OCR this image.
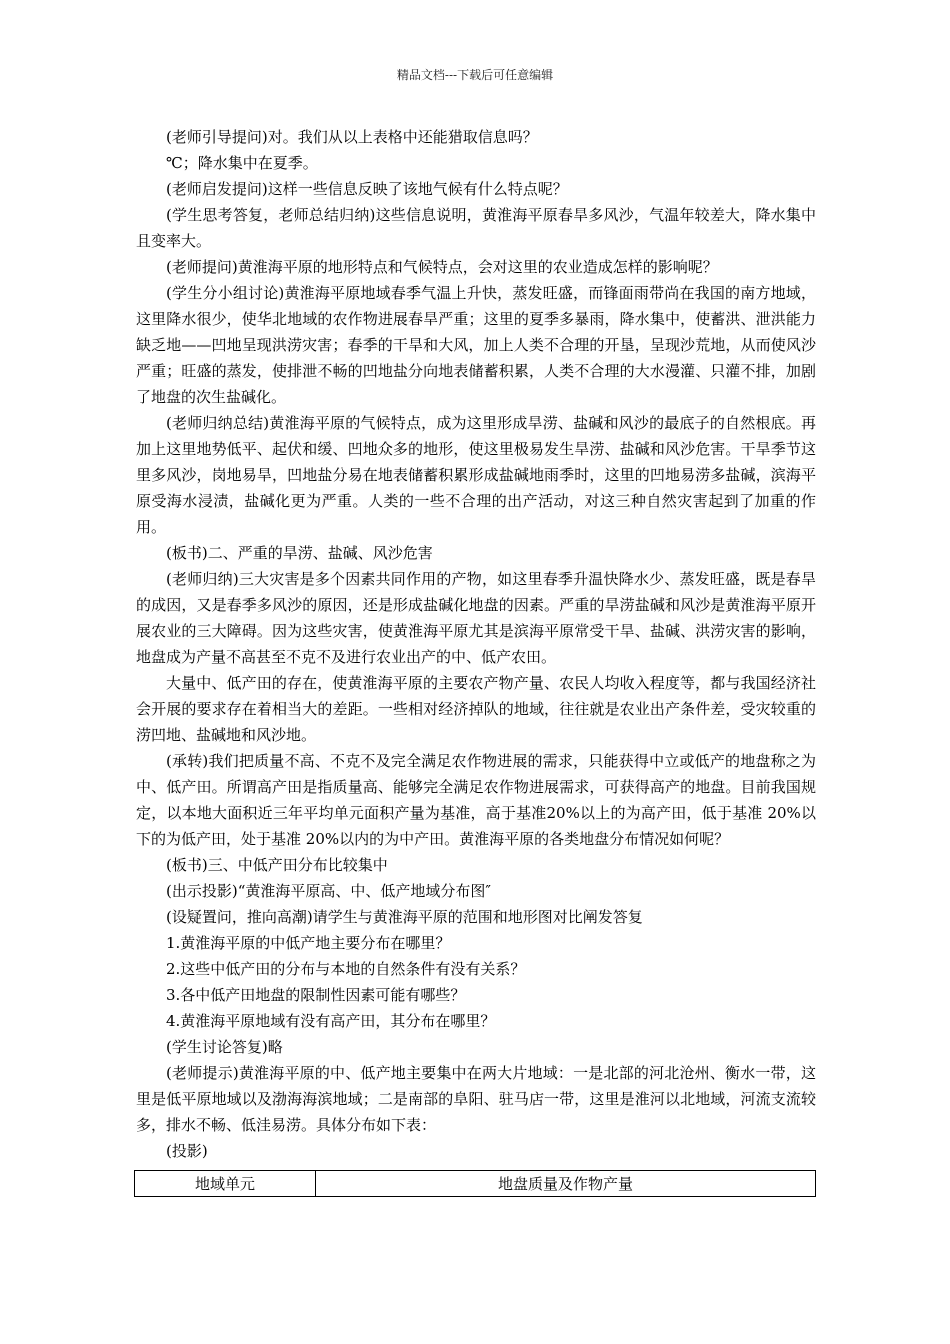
精品文档---下载后可任意编辑

(老师引导提问)对。我们从以上表格中还能猎取信息吗？

℃；降水集中在夏季。

(老师启发提问)这样一些信息反映了该地气候有什么特点呢？

(学生思考答复，老师总结归纳)这些信息说明，黄淮海平原春旱多风沙，气温年较差大，降水集中且变率大。

(老师提问)黄淮海平原的地形特点和气候特点，会对这里的农业造成怎样的影响呢？

(学生分小组讨论)黄淮海平原地域春季气温上升快，蒸发旺盛，而锋面雨带尚在我国的南方地域，这里降水很少，使华北地域的农作物进展春旱严重；这里的夏季多暴雨，降水集中，使蓄洪、泄洪能力缺乏地——凹地呈现洪涝灾害；春季的干旱和大风，加上人类不合理的开垦，呈现沙荒地，从而使风沙严重；旺盛的蒸发，使排泄不畅的凹地盐分向地表储蓄积累，人类不合理的大水漫灌、只灌不排，加剧了地盘的次生盐碱化。

(老师归纳总结)黄淮海平原的气候特点，成为这里形成旱涝、盐碱和风沙的最底子的自然根底。再加上这里地势低平、起伏和缓、凹地众多的地形，使这里极易发生旱涝、盐碱和风沙危害。干旱季节这里多风沙，岗地易旱，凹地盐分易在地表储蓄积累形成盐碱地雨季时，这里的凹地易涝多盐碱，滨海平原受海水浸渍，盐碱化更为严重。人类的一些不合理的出产活动，对这三种自然灾害起到了加重的作用。

(板书)二、严重的旱涝、盐碱、风沙危害

(老师归纳)三大灾害是多个因素共同作用的产物，如这里春季升温快降水少、蒸发旺盛，既是春旱的成因，又是春季多风沙的原因，还是形成盐碱化地盘的因素。严重的旱涝盐碱和风沙是黄淮海平原开展农业的三大障碍。因为这些灾害，使黄淮海平原尤其是滨海平原常受干旱、盐碱、洪涝灾害的影响，地盘成为产量不高甚至不克不及进行农业出产的中、低产农田。

大量中、低产田的存在，使黄淮海平原的主要农产物产量、农民人均收入程度等，都与我国经济社会开展的要求存在着相当大的差距。一些相对经济掉队的地域，往往就是农业出产条件差，受灾较重的涝凹地、盐碱地和风沙地。

(承转)我们把质量不高、不克不及完全满足农作物进展的需求，只能获得中立或低产的地盘称之为中、低产田。所谓高产田是指质量高、能够完全满足农作物进展需求，可获得高产的地盘。目前我国规定，以本地大面积近三年平均单元面积产量为基准，高于基准20%以上的为高产田，低于基准 20%以下的为低产田，处于基准 20%以内的为中产田。黄淮海平原的各类地盘分布情况如何呢？

(板书)三、中低产田分布比较集中

(出示投影)“黄淮海平原高、中、低产地域分布图″

(设疑置问，推向高潮)请学生与黄淮海平原的范围和地形图对比阐发答复

1.黄淮海平原的中低产地主要分布在哪里？

2.这些中低产田的分布与本地的自然条件有没有关系？

3.各中低产田地盘的限制性因素可能有哪些？

4.黄淮海平原地域有没有高产田，其分布在哪里？

(学生讨论答复)略

(老师提示)黄淮海平原的中、低产地主要集中在两大片地域：一是北部的河北沧州、衡水一带，这里是低平原地域以及渤海海滨地域；二是南部的阜阳、驻马店一带，这里是淮河以北地域，河流支流较多，排水不畅、低洼易涝。具体分布如下表：

(投影)

地域单元	地盘质量及作物产量
